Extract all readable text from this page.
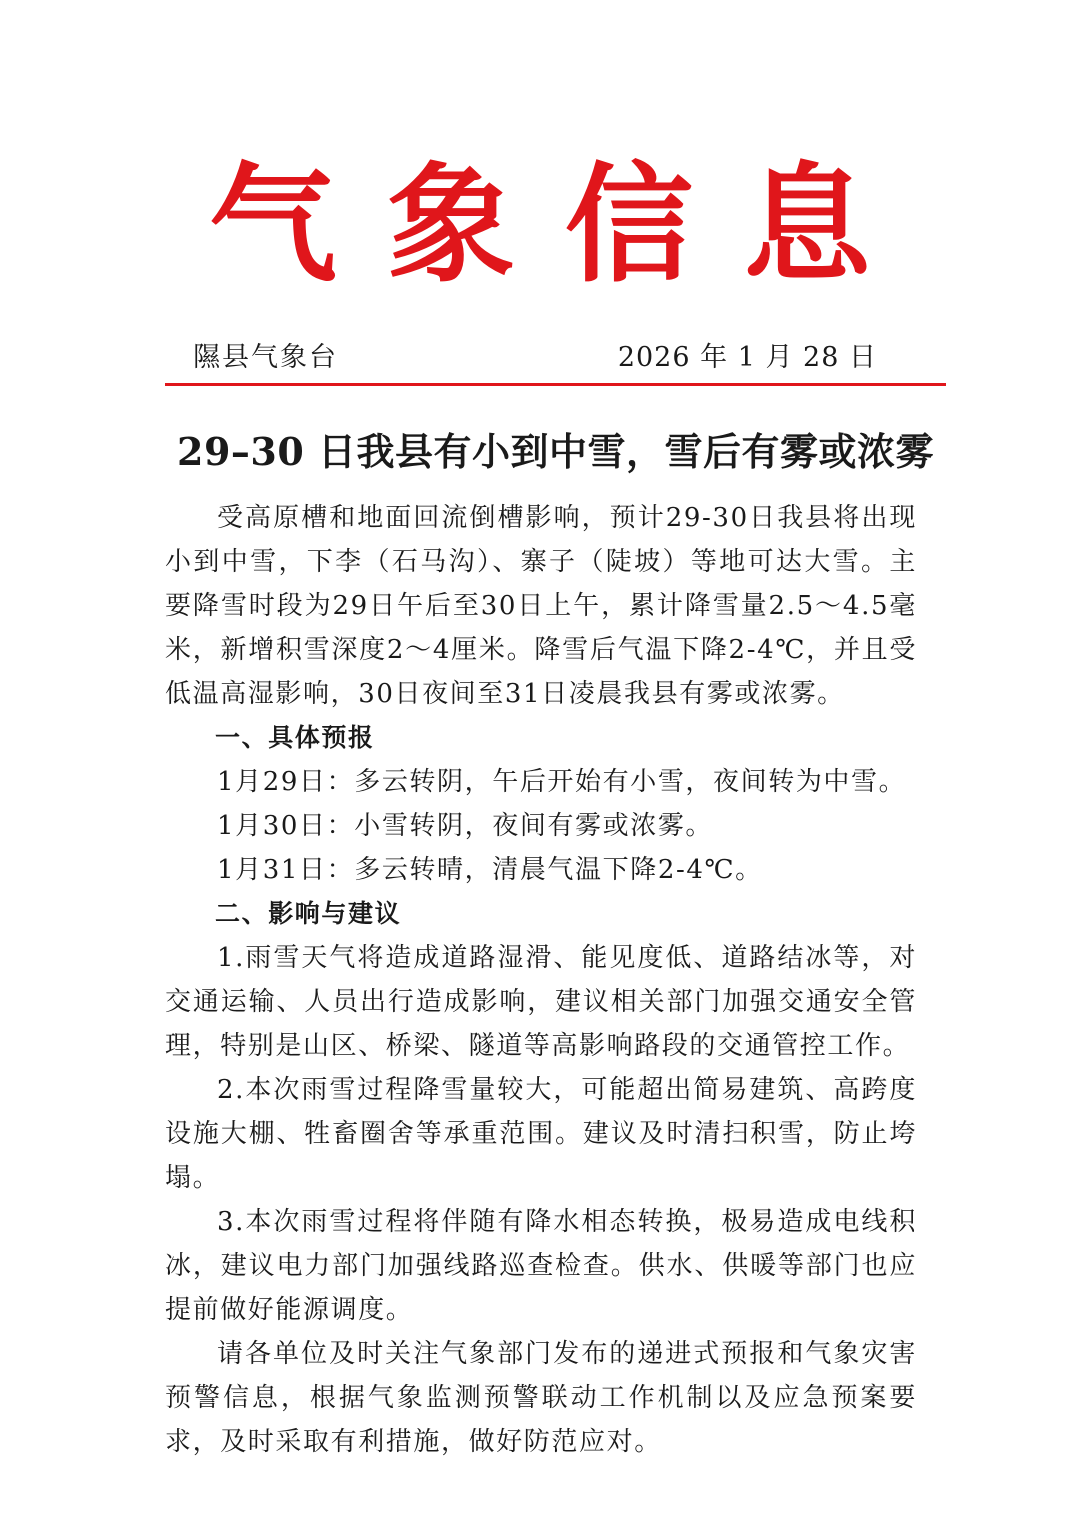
气象信息
隰县气象台	2026 年 1 月 28 日
29–30 日我县有小到中雪，雪后有雾或浓雾

受高原槽和地面回流倒槽影响，预计29-30日我县将出现小到中雪，下李（石马沟）、寨子（陡坡）等地可达大雪。主要降雪时段为29日午后至30日上午，累计降雪量2.5～4.5毫米，新增积雪深度2～4厘米。降雪后气温下降2-4℃，并且受低温高湿影响，30日夜间至31日凌晨我县有雾或浓雾。

一、具体预报

1月29日：多云转阴，午后开始有小雪，夜间转为中雪。

1月30日：小雪转阴，夜间有雾或浓雾。

1月31日：多云转晴，清晨气温下降2-4℃。

二、影响与建议

1.雨雪天气将造成道路湿滑、能见度低、道路结冰等，对交通运输、人员出行造成影响，建议相关部门加强交通安全管理，特别是山区、桥梁、隧道等高影响路段的交通管控工作。

2.本次雨雪过程降雪量较大，可能超出简易建筑、高跨度设施大棚、牲畜圈舍等承重范围。建议及时清扫积雪，防止垮塌。

3.本次雨雪过程将伴随有降水相态转换，极易造成电线积冰，建议电力部门加强线路巡查检查。供水、供暖等部门也应提前做好能源调度。

请各单位及时关注气象部门发布的递进式预报和气象灾害预警信息，根据气象监测预警联动工作机制以及应急预案要求，及时采取有利措施，做好防范应对。
